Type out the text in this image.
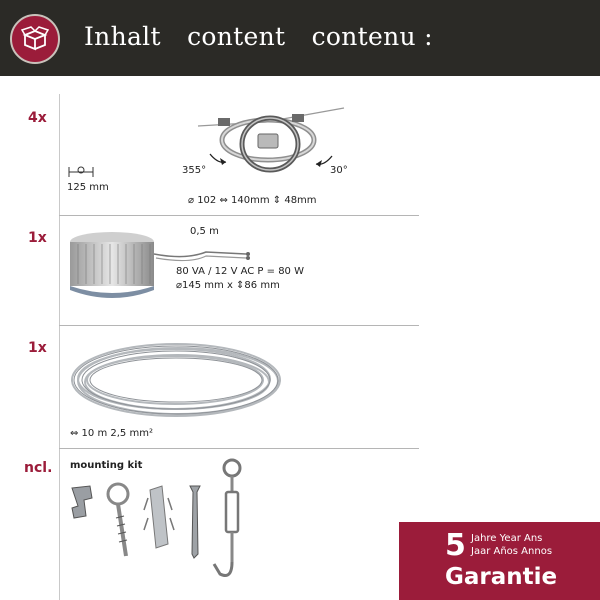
Inhalt content contenu :
4x
125 mm
355°	30°
⌀ 102 ⇔ 140mm ⇕ 48mm
1x	0,5 m
80 VA / 12 V AC P = 80 W
⌀145 mm x ⇕86 mm
1x
⇔ 10 m 2,5 mm²
ncl. mounting kit
5 Jahre Year Ans
Jaar Años Annos
Garantie
